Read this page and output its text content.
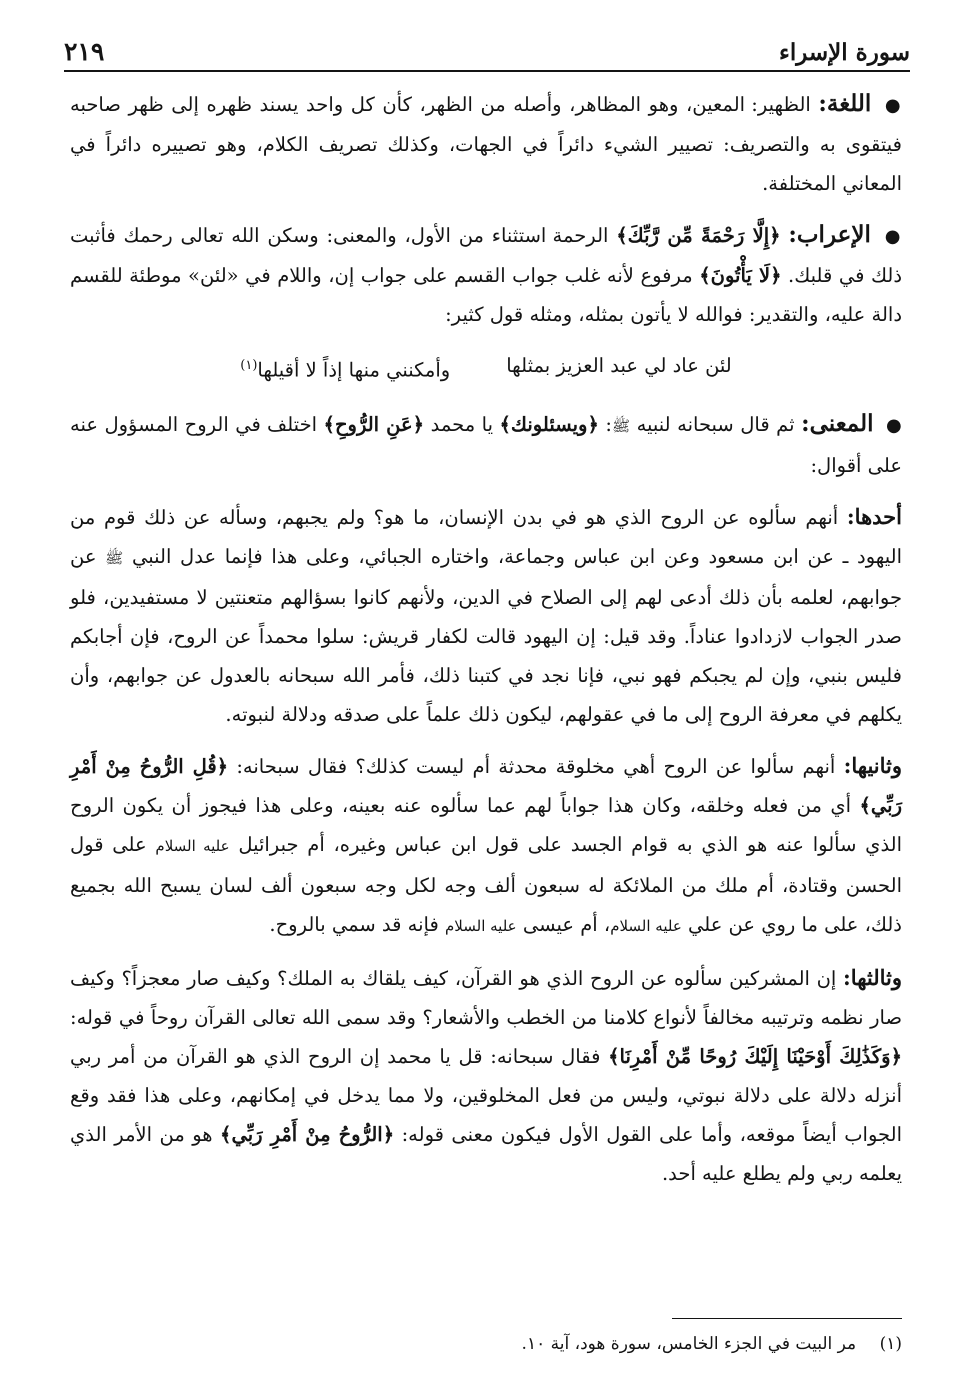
سورة الإسراء
٢١٩

● اللغة: الظهير: المعين، وهو المظاهر، وأصله من الظهر، كأن كل واحد يسند ظهره إلى ظهر صاحبه فيتقوى به والتصريف: تصيير الشيء دائراً في الجهات، وكذلك تصريف الكلام، وهو تصييره دائراً في المعاني المختلفة.

● الإعراب: ﴿إِلَّا رَحْمَةً مِّن رَّبِّكَ﴾ الرحمة استثناء من الأول، والمعنى: وسكن الله تعالى رحمك فأثبت ذلك في قلبك. ﴿لَا يَأْتُونَ﴾ مرفوع لأنه غلب جواب القسم على جواب إن، واللام في «لئن» موطئة للقسم دالة عليه، والتقدير: فوالله لا يأتون بمثله، ومثله قول كثير:

لئن عاد لي عبد العزيز بمثلها
وأمكنني منها إذاً لا أقيلها$^{(١)}$

● المعنى: ثم قال سبحانه لنبيه ﷺ: ﴿ويسئلونك﴾ يا محمد ﴿عَنِ الرُّوحِ﴾ اختلف في الروح المسؤول عنه على أقوال:

أحدها: أنهم سألوه عن الروح الذي هو في بدن الإنسان، ما هو؟ ولم يجبهم، وسأله عن ذلك قوم من اليهود ـ عن ابن مسعود وعن ابن عباس وجماعة، واختاره الجبائي، وعلى هذا فإنما عدل النبي ﷺ عن جوابهم، لعلمه بأن ذلك أدعى لهم إلى الصلاح في الدين، ولأنهم كانوا بسؤالهم متعنتين لا مستفيدين، فلو صدر الجواب لازدادوا عناداً. وقد قيل: إن اليهود قالت لكفار قريش: سلوا محمداً عن الروح، فإن أجابكم فليس بنبي، وإن لم يجبكم فهو نبي، فإنا نجد في كتبنا ذلك، فأمر الله سبحانه بالعدول عن جوابهم، وأن يكلهم في معرفة الروح إلى ما في عقولهم، ليكون ذلك علماً على صدقه ودلالة لنبوته.

وثانيها: أنهم سألوا عن الروح أهي مخلوقة محدثة أم ليست كذلك؟ فقال سبحانه: ﴿قُلِ الرُّوحُ مِنْ أَمْرِ رَبِّي﴾ أي من فعله وخلقه، وكان هذا جواباً لهم عما سألوه عنه بعينه، وعلى هذا فيجوز أن يكون الروح الذي سألوا عنه هو الذي به قوام الجسد على قول ابن عباس وغيره، أم جبرائيل عليه السلام على قول الحسن وقتادة، أم ملك من الملائكة له سبعون ألف وجه لكل وجه سبعون ألف لسان يسبح الله بجميع ذلك، على ما روي عن علي عليه السلام، أم عيسى عليه السلام فإنه قد سمي بالروح.

وثالثها: إن المشركين سألوه عن الروح الذي هو القرآن، كيف يلقاك به الملك؟ وكيف صار معجزاً؟ وكيف صار نظمه وترتيبه مخالفاً لأنواع كلامنا من الخطب والأشعار؟ وقد سمى الله تعالى القرآن روحاً في قوله: ﴿وَكَذَٰلِكَ أَوْحَيْنَا إِلَيْكَ رُوحًا مِّنْ أَمْرِنَا﴾ فقال سبحانه: قل يا محمد إن الروح الذي هو القرآن من أمر ربي أنزله دلالة على دلالة نبوتي، وليس من فعل المخلوقين، ولا مما يدخل في إمكانهم، وعلى هذا فقد وقع الجواب أيضاً موقعه، وأما على القول الأول فيكون معنى قوله: ﴿الرُّوحُ مِنْ أَمْرِ رَبِّي﴾ هو من الأمر الذي يعلمه ربي ولم يطلع عليه أحد.

(١) مر البيت في الجزء الخامس، سورة هود، آية ١٠.
